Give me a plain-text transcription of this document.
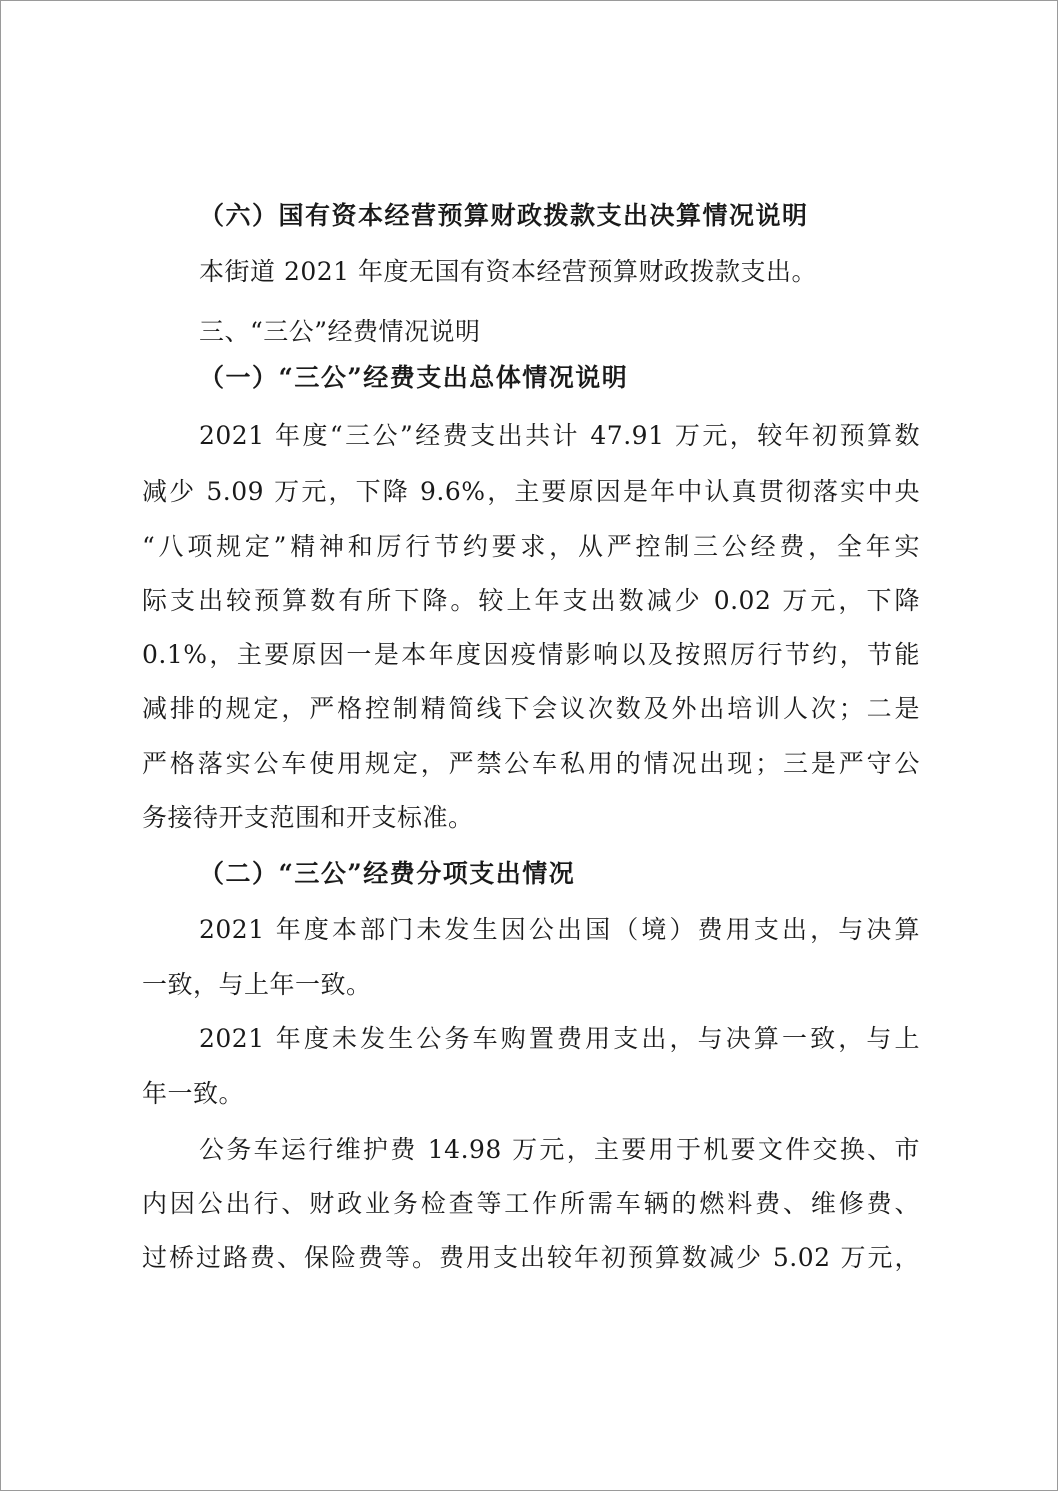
（六）国有资本经营预算财政拨款支出决算情况说明
本街道 2021 年度无国有资本经营预算财政拨款支出。
三、“三公”经费情况说明
（一）“三公”经费支出总体情况说明
2021 年度“三公”经费支出共计 47.91 万元，较年初预算数
减少 5.09 万元，下降 9.6%，主要原因是年中认真贯彻落实中央
“八项规定”精神和厉行节约要求，从严控制三公经费，全年实
际支出较预算数有所下降。较上年支出数减少 0.02 万元，下降
0.1%，主要原因一是本年度因疫情影响以及按照厉行节约，节能
减排的规定，严格控制精简线下会议次数及外出培训人次；二是
严格落实公车使用规定，严禁公车私用的情况出现；三是严守公
务接待开支范围和开支标准。
（二）“三公”经费分项支出情况
2021 年度本部门未发生因公出国（境）费用支出，与决算
一致，与上年一致。
2021 年度未发生公务车购置费用支出，与决算一致，与上
年一致。
公务车运行维护费 14.98 万元，主要用于机要文件交换、市
内因公出行、财政业务检查等工作所需车辆的燃料费、维修费、
过桥过路费、保险费等。费用支出较年初预算数减少 5.02 万元，
